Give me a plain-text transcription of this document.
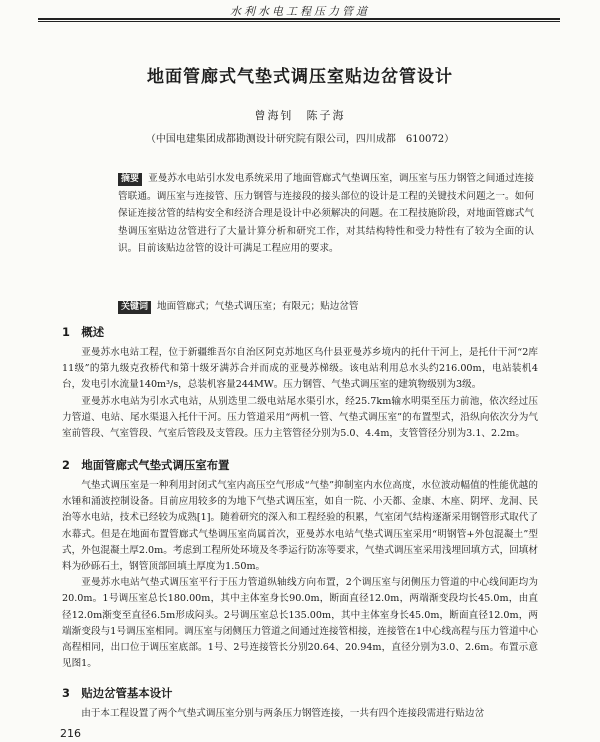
水利水电工程压力管道
地面管廊式气垫式调压室贴边岔管设计
曾海钊　陈子海
（中国电建集团成都勘测设计研究院有限公司，四川成都　610072）
摘要 亚曼苏水电站引水发电系统采用了地面管廊式气垫调压室，调压室与压力钢管之间通过连接管联通。调压室与连接管、压力钢管与连接段的接头部位的设计是工程的关键技术问题之一。如何保证连接岔管的结构安全和经济合理是设计中必须解决的问题。在工程技施阶段，对地面管廊式气垫调压室贴边岔管进行了大量计算分析和研究工作，对其结构特性和受力特性有了较为全面的认识。目前该贴边岔管的设计可满足工程应用的要求。
关键词 地面管廊式；气垫式调压室；有限元；贴边岔管
1　概述

亚曼苏水电站工程，位于新疆维吾尔自治区阿克苏地区乌什县亚曼苏乡境内的托什干河上，是托什干河“2库11级”的第九级克孜桥代和第十级牙满苏合并而成的亚曼苏梯级。该电站利用总水头约216.00m，电站装机4台，发电引水流量140m³/s，总装机容量244MW。压力钢管、气垫式调压室的建筑物级别为3级。

亚曼苏水电站为引水式电站，从别迭里二级电站尾水渠引水，经25.7km输水明渠至压力前池，依次经过压力管道、电站、尾水渠退入托什干河。压力管道采用“两机一管、气垫式调压室”的布置型式，沿纵向依次分为气室前管段、气室管段、气室后管段及支管段。压力主管管径分别为5.0、4.4m，支管管径分别为3.1、2.2m。

2　地面管廊式气垫式调压室布置

气垫式调压室是一种利用封闭式气室内高压空气形成“气垫”抑制室内水位高度，水位波动幅值的性能优越的水锤和涌波控制设备。目前应用较多的为地下气垫式调压室，如自一院、小天都、金康、木座、阴坪、龙洞、民治等水电站，技术已经较为成熟[1]。随着研究的深入和工程经验的积累，气室闭气结构逐渐采用钢管形式取代了水幕式。但是在地面布置管廊式气垫调压室尚属首次，亚曼苏水电站气垫式调压室采用“明钢管+外包混凝土”型式，外包混凝土厚2.0m。考虑到工程所处环境及冬季运行防冻等要求，气垫式调压室采用浅埋回填方式，回填材料为砂砾石土，钢管顶部回填土厚度为1.50m。

亚曼苏水电站气垫式调压室平行于压力管道纵轴线方向布置，2个调压室与闭侧压力管道的中心线间距均为20.0m。1号调压室总长180.00m，其中主体室身长90.0m，断面直径12.0m，两端渐变段均长45.0m，由直径12.0m渐变至直径6.5m形成闷头。2号调压室总长135.00m，其中主体室身长45.0m，断面直径12.0m，两端渐变段与1号调压室相同。调压室与闭侧压力管道之间通过连接管相接，连接管在1中心线高程与压力管道中心高程相同，出口位于调压室底部。1号、2号连接管长分别20.64、20.94m，直径分别为3.0、2.6m。布置示意见图1。

3　贴边岔管基本设计

由于本工程设置了两个气垫式调压室分别与两条压力钢管连接，一共有四个连接段需进行贴边岔

216
